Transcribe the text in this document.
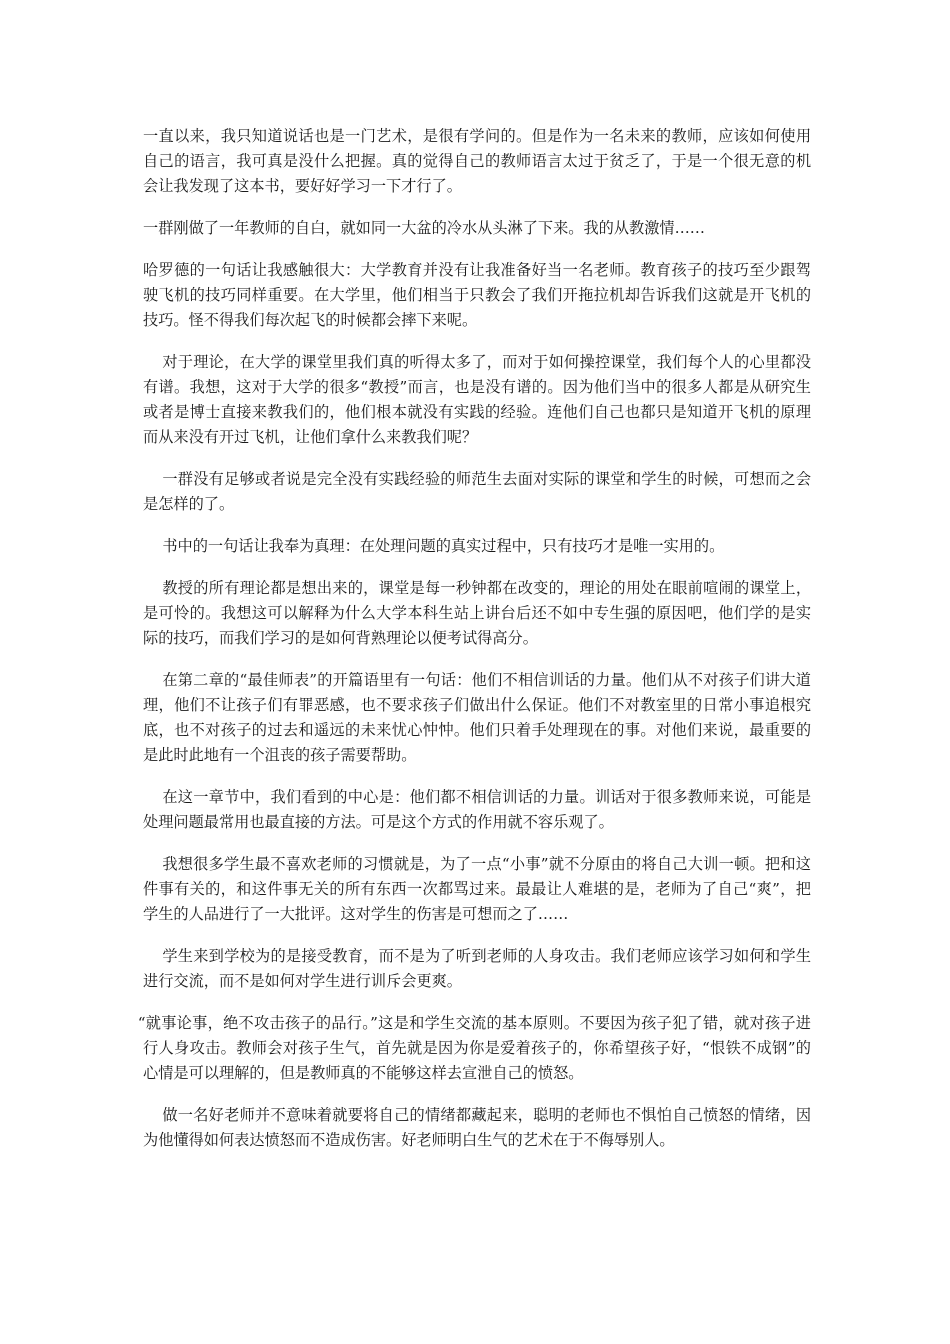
一直以来，我只知道说话也是一门艺术，是很有学问的。但是作为一名未来的教师，应该如何使用自己的语言，我可真是没什么把握。真的觉得自己的教师语言太过于贫乏了，于是一个很无意的机会让我发现了这本书，要好好学习一下才行了。

一群刚做了一年教师的自白，就如同一大盆的冷水从头淋了下来。我的从教激情……

哈罗德的一句话让我感触很大：大学教育并没有让我准备好当一名老师。教育孩子的技巧至少跟驾驶飞机的技巧同样重要。在大学里，他们相当于只教会了我们开拖拉机却告诉我们这就是开飞机的技巧。怪不得我们每次起飞的时候都会摔下来呢。

对于理论，在大学的课堂里我们真的听得太多了，而对于如何操控课堂，我们每个人的心里都没有谱。我想，这对于大学的很多“教授”而言，也是没有谱的。因为他们当中的很多人都是从研究生或者是博士直接来教我们的，他们根本就没有实践的经验。连他们自己也都只是知道开飞机的原理而从来没有开过飞机，让他们拿什么来教我们呢？

一群没有足够或者说是完全没有实践经验的师范生去面对实际的课堂和学生的时候，可想而之会是怎样的了。

书中的一句话让我奉为真理：在处理问题的真实过程中，只有技巧才是唯一实用的。

教授的所有理论都是想出来的，课堂是每一秒钟都在改变的，理论的用处在眼前喧闹的课堂上，是可怜的。我想这可以解释为什么大学本科生站上讲台后还不如中专生强的原因吧，他们学的是实际的技巧，而我们学习的是如何背熟理论以便考试得高分。

在第二章的“最佳师表”的开篇语里有一句话：他们不相信训话的力量。他们从不对孩子们讲大道理，他们不让孩子们有罪恶感，也不要求孩子们做出什么保证。他们不对教室里的日常小事追根究底，也不对孩子的过去和遥远的未来忧心忡忡。他们只着手处理现在的事。对他们来说，最重要的是此时此地有一个沮丧的孩子需要帮助。

在这一章节中，我们看到的中心是：他们都不相信训话的力量。训话对于很多教师来说，可能是处理问题最常用也最直接的方法。可是这个方式的作用就不容乐观了。

我想很多学生最不喜欢老师的习惯就是，为了一点“小事”就不分原由的将自己大训一顿。把和这件事有关的，和这件事无关的所有东西一次都骂过来。最最让人难堪的是，老师为了自己“爽”，把学生的人品进行了一大批评。这对学生的伤害是可想而之了……

学生来到学校为的是接受教育，而不是为了听到老师的人身攻击。我们老师应该学习如何和学生进行交流，而不是如何对学生进行训斥会更爽。

“就事论事，绝不攻击孩子的品行。”这是和学生交流的基本原则。不要因为孩子犯了错，就对孩子进行人身攻击。教师会对孩子生气，首先就是因为你是爱着孩子的，你希望孩子好，“恨铁不成钢”的心情是可以理解的，但是教师真的不能够这样去宣泄自己的愤怒。

做一名好老师并不意味着就要将自己的情绪都藏起来，聪明的老师也不惧怕自己愤怒的情绪，因为他懂得如何表达愤怒而不造成伤害。好老师明白生气的艺术在于不侮辱别人。
